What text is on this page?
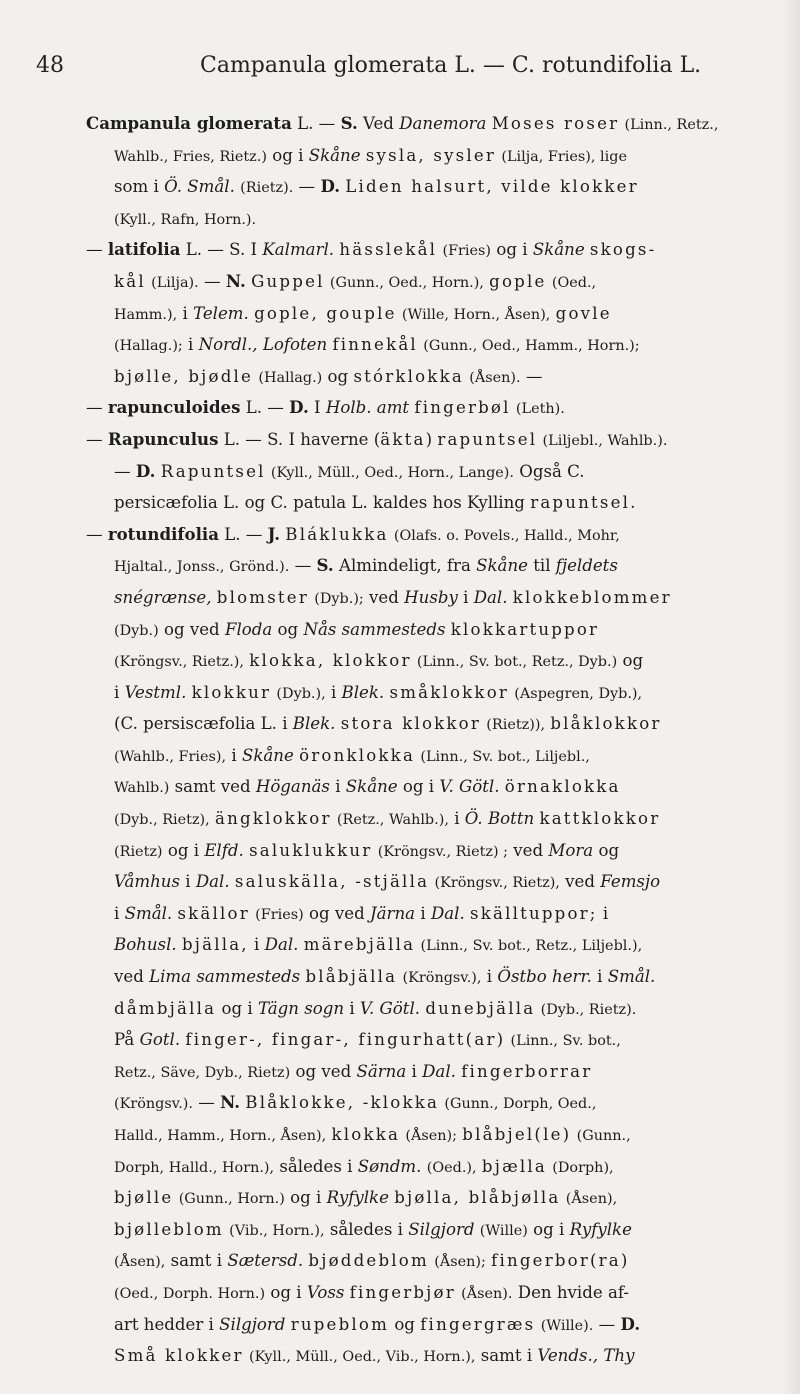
48	Campanula glomerata L. — C. rotundifolia L.
Campanula glomerata L. — S. Ved Danemora Moses roser (Linn., Retz.,
Wahlb., Fries, Rietz.) og i Skåne sysla, sysler (Lilja, Fries), lige
som i Ö. Smål. (Rietz). — D. Liden halsurt, vilde klokker
(Kyll., Rafn, Horn.).
— latifolia L. — S. I Kalmarl. hässlekål (Fries) og i Skåne skogs-
kål (Lilja). — N. Guppel (Gunn., Oed., Horn.), gople (Oed.,
Hamm.), i Telem. gople, gouple (Wille, Horn., Åsen), govle
(Hallag.); i Nordl., Lofoten finnekål (Gunn., Oed., Hamm., Horn.);
bjølle, bjødle (Hallag.) og stórklokka (Åsen). —
— rapunculoides L. — D. I Holb. amt fingerbøl (Leth).
— Rapunculus L. — S. I haverne (äkta) rapuntsel (Liljebl., Wahlb.).
— D. Rapuntsel (Kyll., Müll., Oed., Horn., Lange). Også C.
persicæfolia L. og C. patula L. kaldes hos Kylling rapuntsel.
— rotundifolia L. — J. Bláklukka (Olafs. o. Povels., Halld., Mohr,
Hjaltal., Jonss., Grönd.). — S. Almindeligt, fra Skåne til fjeldets
snégrænse, blomster (Dyb.); ved Husby i Dal. klokkeblommer
(Dyb.) og ved Floda og Nås sammesteds klokkartuppor
(Kröngsv., Rietz.), klokka, klokkor (Linn., Sv. bot., Retz., Dyb.) og
i Vestml. klokkur (Dyb.), i Blek. småklokkor (Aspegren, Dyb.),
(C. persiscæfolia L. i Blek. stora klokkor (Rietz)), blåklokkor
(Wahlb., Fries), i Skåne öronklokka (Linn., Sv. bot., Liljebl.,
Wahlb.) samt ved Höganäs i Skåne og i V. Götl. örnaklokka
(Dyb., Rietz), ängklokkor (Retz., Wahlb.), i Ö. Bottn kattklokkor
(Rietz) og i Elfd. saluklukkur (Kröngsv., Rietz) ; ved Mora og
Våmhus i Dal. saluskälla, -stjälla (Kröngsv., Rietz), ved Femsjo
i Smål. skällor (Fries) og ved Järna i Dal. skälltuppor; i
Bohusl. bjälla, i Dal. märebjälla (Linn., Sv. bot., Retz., Liljebl.),
ved Lima sammesteds blåbjälla (Kröngsv.), i Östbo herr. i Smål.
dåmbjälla og i Tägn sogn i V. Götl. dunebjälla (Dyb., Rietz).
På Gotl. finger-, fingar-, fingurhatt(ar) (Linn., Sv. bot.,
Retz., Säve, Dyb., Rietz) og ved Särna i Dal. fingerborrar
(Kröngsv.). — N. Blåklokke, -klokka (Gunn., Dorph, Oed.,
Halld., Hamm., Horn., Åsen), klokka (Åsen); blåbjel(le) (Gunn.,
Dorph, Halld., Horn.), således i Søndm. (Oed.), bjælla (Dorph),
bjølle (Gunn., Horn.) og i Ryfylke bjølla, blåbjølla (Åsen),
bjølleblom (Vib., Horn.), således i Silgjord (Wille) og i Ryfylke
(Åsen), samt i Sætersd. bjøddeblom (Åsen); fingerbor(ra)
(Oed., Dorph. Horn.) og i Voss fingerbjør (Åsen). Den hvide af-
art hedder i Silgjord rupeblom og fingergræs (Wille). — D.
Små klokker (Kyll., Müll., Oed., Vib., Horn.), samt i Vends., Thy
